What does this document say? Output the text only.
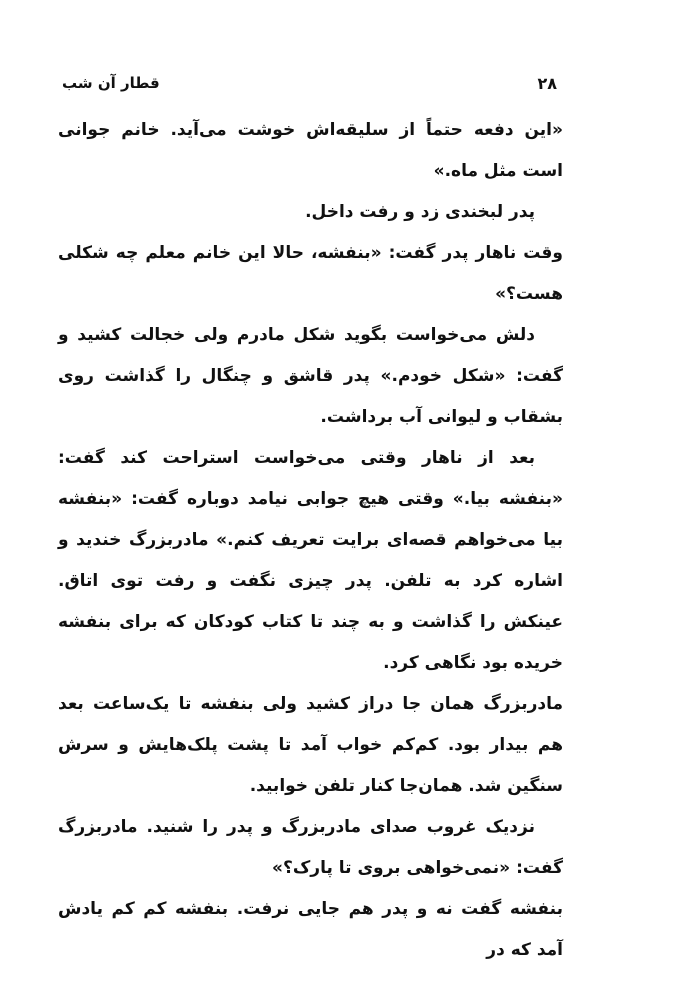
۲۸
قطار آن شب

«این دفعه حتماً از سلیقه‌اش خوشت می‌آید. خانم جوانی است مثل ماه.»

پدر لبخندی زد و رفت داخل.

وقت ناهار پدر گفت: «بنفشه، حالا این خانم معلم چه شکلی هست؟»

دلش می‌خواست بگوید شکل مادرم ولی خجالت کشید و گفت: «شکل خودم.» پدر قاشق و چنگال را گذاشت روی بشقاب و لیوانی آب برداشت.

بعد از ناهار وقتی می‌خواست استراحت کند گفت: «بنفشه بیا.» وقتی هیچ جوابی نیامد دوباره گفت: «بنفشه بیا می‌خواهم قصه‌ای برایت تعریف کنم.» مادربزرگ خندید و اشاره کرد به تلفن. پدر چیزی نگفت و رفت توی اتاق. عینکش را گذاشت و به چند تا کتاب کودکان که برای بنفشه خریده بود نگاهی کرد.

مادربزرگ همان جا دراز کشید ولی بنفشه تا یک‌ساعت بعد هم بیدار بود. کم‌کم خواب آمد تا پشت پلک‌هایش و سرش سنگین شد. همان‌جا کنار تلفن خوابید.

نزدیک غروب صدای مادربزرگ و پدر را شنید. مادربزرگ گفت: «نمی‌خواهی بروی تا پارک؟»

بنفشه گفت نه و پدر هم جایی نرفت. بنفشه کم کم یادش آمد که در
